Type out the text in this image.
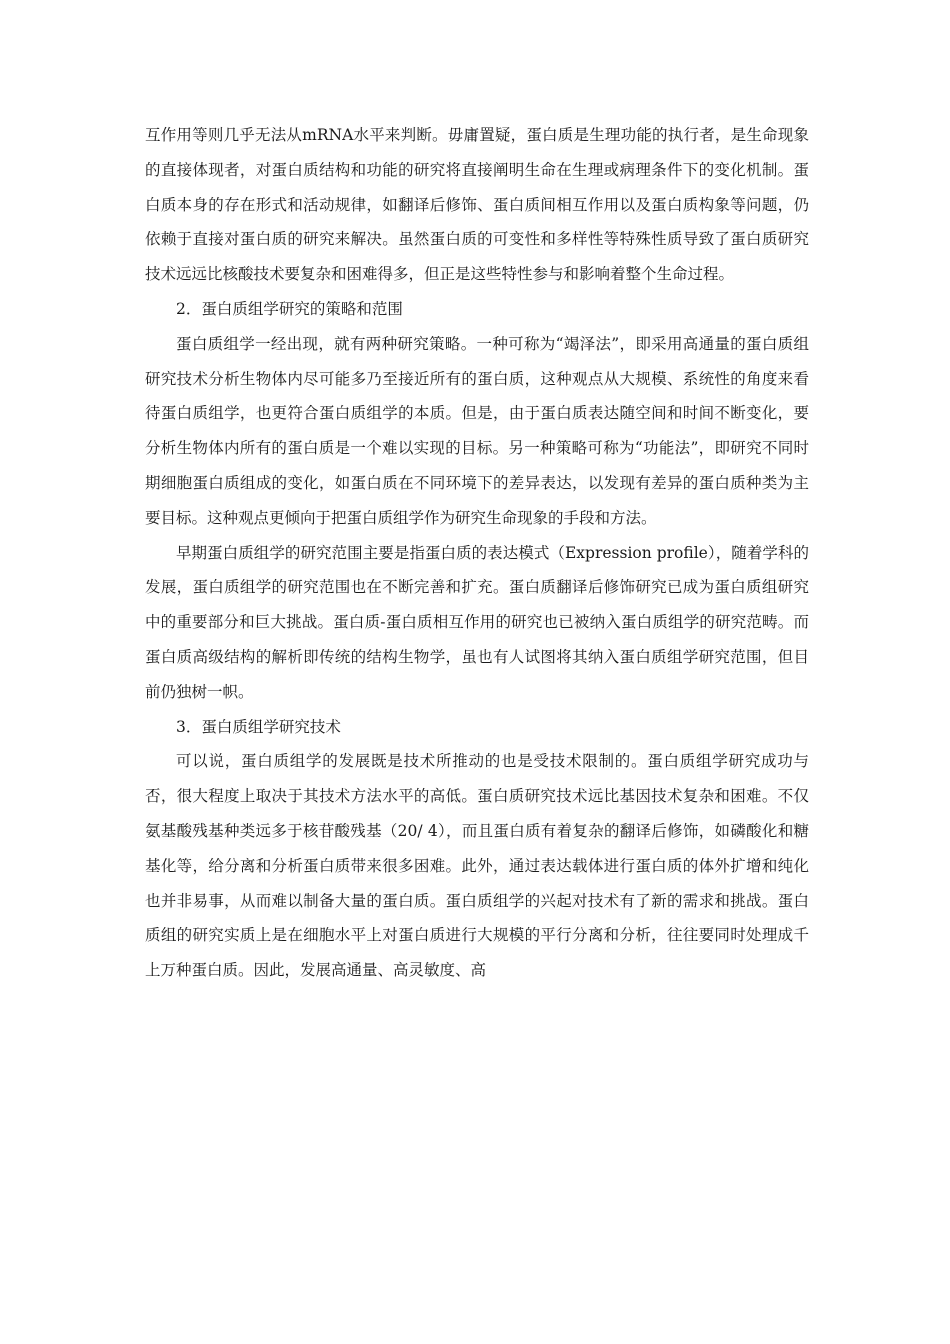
互作用等则几乎无法从mRNA水平来判断。毋庸置疑，蛋白质是生理功能的执行者，是生命现象的直接体现者，对蛋白质结构和功能的研究将直接阐明生命在生理或病理条件下的变化机制。蛋白质本身的存在形式和活动规律，如翻译后修饰、蛋白质间相互作用以及蛋白质构象等问题，仍依赖于直接对蛋白质的研究来解决。虽然蛋白质的可变性和多样性等特殊性质导致了蛋白质研究技术远远比核酸技术要复杂和困难得多，但正是这些特性参与和影响着整个生命过程。

2．蛋白质组学研究的策略和范围

蛋白质组学一经出现，就有两种研究策略。一种可称为“竭泽法”，即采用高通量的蛋白质组研究技术分析生物体内尽可能多乃至接近所有的蛋白质，这种观点从大规模、系统性的角度来看待蛋白质组学，也更符合蛋白质组学的本质。但是，由于蛋白质表达随空间和时间不断变化，要分析生物体内所有的蛋白质是一个难以实现的目标。另一种策略可称为“功能法”，即研究不同时期细胞蛋白质组成的变化，如蛋白质在不同环境下的差异表达，以发现有差异的蛋白质种类为主要目标。这种观点更倾向于把蛋白质组学作为研究生命现象的手段和方法。

早期蛋白质组学的研究范围主要是指蛋白质的表达模式（Expression profile），随着学科的发展，蛋白质组学的研究范围也在不断完善和扩充。蛋白质翻译后修饰研究已成为蛋白质组研究中的重要部分和巨大挑战。蛋白质-蛋白质相互作用的研究也已被纳入蛋白质组学的研究范畴。而蛋白质高级结构的解析即传统的结构生物学，虽也有人试图将其纳入蛋白质组学研究范围，但目前仍独树一帜。

3．蛋白质组学研究技术

可以说，蛋白质组学的发展既是技术所推动的也是受技术限制的。蛋白质组学研究成功与否，很大程度上取决于其技术方法水平的高低。蛋白质研究技术远比基因技术复杂和困难。不仅氨基酸残基种类远多于核苷酸残基（20/ 4），而且蛋白质有着复杂的翻译后修饰，如磷酸化和糖基化等，给分离和分析蛋白质带来很多困难。此外，通过表达载体进行蛋白质的体外扩增和纯化也并非易事，从而难以制备大量的蛋白质。蛋白质组学的兴起对技术有了新的需求和挑战。蛋白质组的研究实质上是在细胞水平上对蛋白质进行大规模的平行分离和分析，往往要同时处理成千上万种蛋白质。因此，发展高通量、高灵敏度、高
